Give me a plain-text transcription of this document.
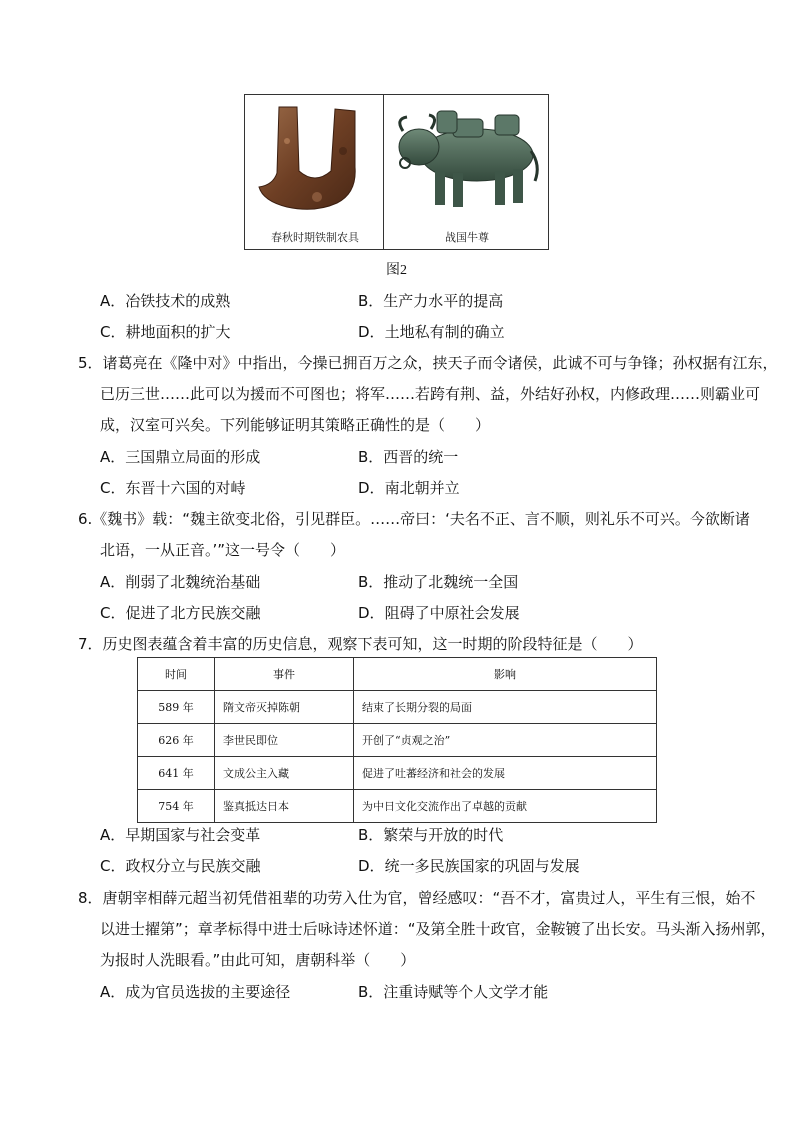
春秋时期铁制农具	战国牛尊
图2
A．冶铁技术的成熟	B．生产力水平的提高
C．耕地面积的扩大	D．土地私有制的确立
5．诸葛亮在《隆中对》中指出，今操已拥百万之众，挟天子而令诸侯，此诚不可与争锋；孙权据有江东，
已历三世……此可以为援而不可图也；将军……若跨有荆、益，外结好孙权，内修政理……则霸业可
成，汉室可兴矣。下列能够证明其策略正确性的是（　　）
A．三国鼎立局面的形成	B．西晋的统一
C．东晋十六国的对峙	D．南北朝并立
6.《魏书》载：“魏主欲变北俗，引见群臣。……帝曰：‘夫名不正、言不顺，则礼乐不可兴。今欲断诸
北语，一从正音。’”这一号令（　　）
A．削弱了北魏统治基础	B．推动了北魏统一全国
C．促进了北方民族交融	D．阻碍了中原社会发展
7．历史图表蕴含着丰富的历史信息，观察下表可知，这一时期的阶段特征是（　　）
时间	事件	影响
589 年	隋文帝灭掉陈朝	结束了长期分裂的局面
626 年	李世民即位	开创了“贞观之治”
641 年	文成公主入藏	促进了吐蕃经济和社会的发展
754 年	鉴真抵达日本	为中日文化交流作出了卓越的贡献
A．早期国家与社会变革	B．繁荣与开放的时代
C．政权分立与民族交融	D．统一多民族国家的巩固与发展
8．唐朝宰相薛元超当初凭借祖辈的功劳入仕为官，曾经感叹：“吾不才，富贵过人，平生有三恨，始不
以进士擢第”；章孝标得中进士后咏诗述怀道：“及第全胜十政官，金鞍镀了出长安。马头渐入扬州郭，
为报时人洗眼看。”由此可知，唐朝科举（　　）
A．成为官员选拔的主要途径	B．注重诗赋等个人文学才能
